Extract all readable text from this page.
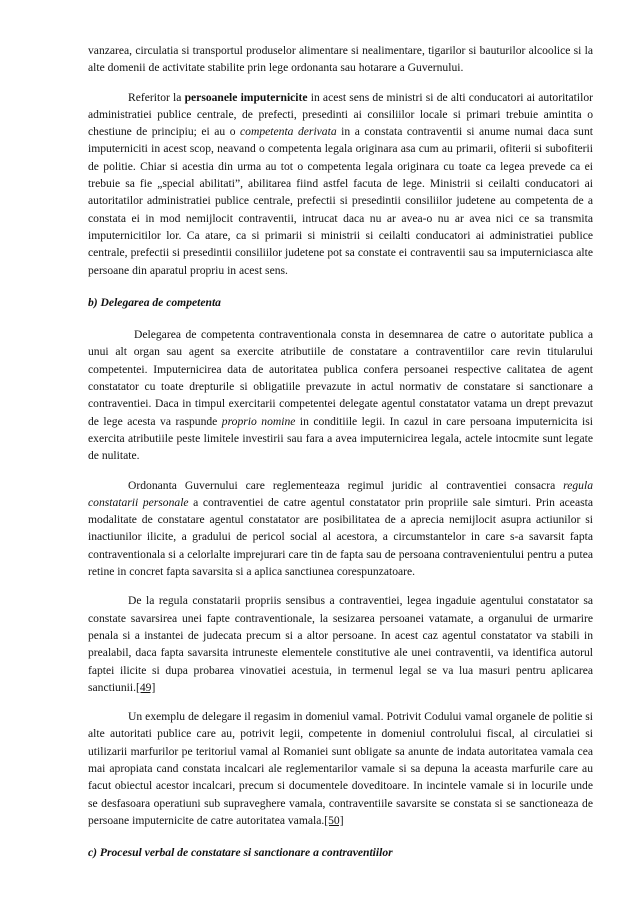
vanzarea, circulatia si transportul produselor alimentare si nealimentare, tigarilor si bauturilor alcoolice si la alte domenii de activitate stabilite prin lege ordonanta sau hotarare a Guvernului.

Referitor la persoanele imputernicite in acest sens de ministri si de alti conducatori ai autoritatilor administratiei publice centrale, de prefecti, presedinti ai consiliilor locale si primari trebuie amintita o chestiune de principiu; ei au o competenta derivata in a constata contraventii si anume numai daca sunt imputerniciti in acest scop, neavand o competenta legala originara asa cum au primarii, ofiterii si subofiterii de politie. Chiar si acestia din urma au tot o competenta legala originara cu toate ca legea prevede ca ei trebuie sa fie „special abilitati”, abilitarea fiind astfel facuta de lege. Ministrii si ceilalti conducatori ai autoritatilor administratiei publice centrale, prefectii si presedintii consiliilor judetene au competenta de a constata ei in mod nemijlocit contraventii, intrucat daca nu ar avea-o nu ar avea nici ce sa transmita imputernicitilor lor. Ca atare, ca si primarii si ministrii si ceilalti conducatori ai administratiei publice centrale, prefectii si presedintii consiliilor judetene pot sa constate ei contraventii sau sa imputerniciasca alte persoane din aparatul propriu in acest sens.

b) Delegarea de competenta

Delegarea de competenta contraventionala consta in desemnarea de catre o autoritate publica a unui alt organ sau agent sa exercite atributiile de constatare a contraventiilor care revin titularului competentei. Imputernicirea data de autoritatea publica confera persoanei respective calitatea de agent constatator cu toate drepturile si obligatiile prevazute in actul normativ de constatare si sanctionare a contraventiei. Daca in timpul exercitarii competentei delegate agentul constatator vatama un drept prevazut de lege acesta va raspunde proprio nomine in conditiile legii. In cazul in care persoana imputernicita isi exercita atributiile peste limitele investirii sau fara a avea imputernicirea legala, actele intocmite sunt legate de nulitate.

Ordonanta Guvernului care reglementeaza regimul juridic al contraventiei consacra regula constatarii personale a contraventiei de catre agentul constatator prin propriile sale simturi. Prin aceasta modalitate de constatare agentul constatator are posibilitatea de a aprecia nemijlocit asupra actiunilor si inactiunilor ilicite, a gradului de pericol social al acestora, a circumstantelor in care s-a savarsit fapta contraventionala si a celorlalte imprejurari care tin de fapta sau de persoana contravenientului pentru a putea retine in concret fapta savarsita si a aplica sanctiunea corespunzatoare.

De la regula constatarii propriis sensibus a contraventiei, legea ingaduie agentului constatator sa constate savarsirea unei fapte contraventionale, la sesizarea persoanei vatamate, a organului de urmarire penala si a instantei de judecata precum si a altor persoane. In acest caz agentul constatator va stabili in prealabil, daca fapta savarsita intruneste elementele constitutive ale unei contraventii, va identifica autorul faptei ilicite si dupa probarea vinovatiei acestuia, in termenul legal se va lua masuri pentru aplicarea sanctiunii.[49]

Un exemplu de delegare il regasim in domeniul vamal. Potrivit Codului vamal organele de politie si alte autoritati publice care au, potrivit legii, competente in domeniul controlului fiscal, al circulatiei si utilizarii marfurilor pe teritoriul vamal al Romaniei sunt obligate sa anunte de indata autoritatea vamala cea mai apropiata cand constata incalcari ale reglementarilor vamale si sa depuna la aceasta marfurile care au facut obiectul acestor incalcari, precum si documentele doveditoare. In incintele vamale si in locurile unde se desfasoara operatiuni sub supraveghere vamala, contraventiile savarsite se constata si se sanctioneaza de persoane imputernicite de catre autoritatea vamala.[50]

c) Procesul verbal de constatare si sanctionare a contraventiilor
